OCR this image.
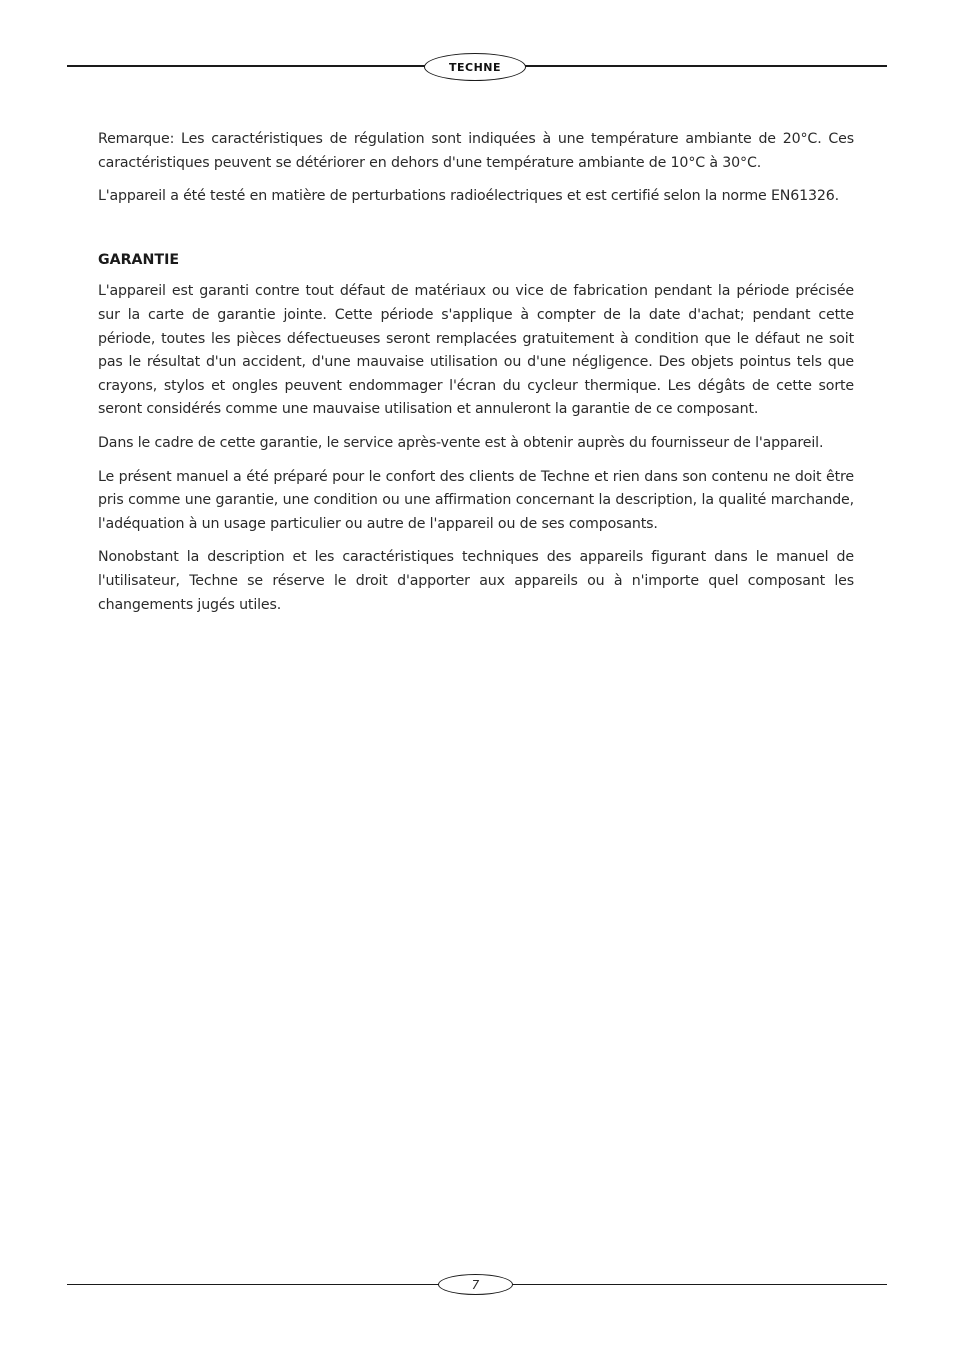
TECHNE

Remarque: Les caractéristiques de régulation sont indiquées à une température ambiante de 20°C. Ces caractéristiques peuvent se détériorer en dehors d'une température ambiante de 10°C à 30°C.

L'appareil a été testé en matière de perturbations radioélectriques et est certifié selon la norme EN61326.

GARANTIE

L'appareil est garanti contre tout défaut de matériaux ou vice de fabrication pendant la période précisée sur la carte de garantie jointe. Cette période s'applique à compter de la date d'achat; pendant cette période, toutes les pièces défectueuses seront remplacées gratuitement à condition que le défaut ne soit pas le résultat d'un accident, d'une mauvaise utilisation ou d'une négligence. Des objets pointus tels que crayons, stylos et ongles peuvent endommager l'écran du cycleur thermique. Les dégâts de cette sorte seront considérés comme une mauvaise utilisation et annuleront la garantie de ce composant.

Dans le cadre de cette garantie, le service après-vente est à obtenir auprès du fournisseur de l'appareil.

Le présent manuel a été préparé pour le confort des clients de Techne et rien dans son contenu ne doit être pris comme une garantie, une condition ou une affirmation concernant la description, la qualité marchande, l'adéquation à un usage particulier ou autre de l'appareil ou de ses composants.

Nonobstant la description et les caractéristiques techniques des appareils figurant dans le manuel de l'utilisateur, Techne se réserve le droit d'apporter aux appareils ou à n'importe quel composant les changements jugés utiles.

7
